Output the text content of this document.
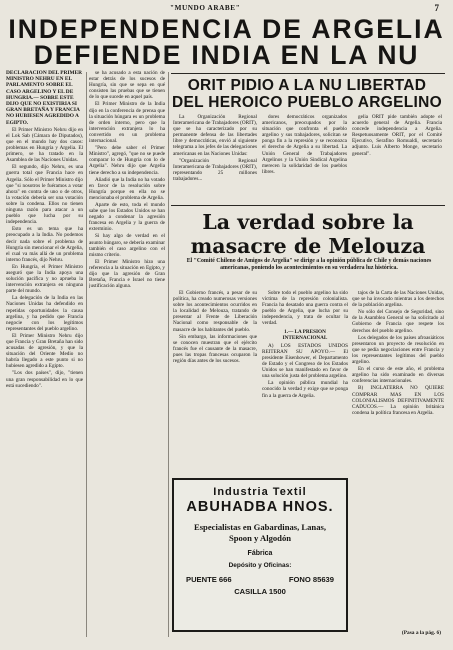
"MUNDO ARABE"	7
INDEPENDENCIA DE ARGELIA
DEFIENDE INDIA EN LA NU

DECLARACION DEL PRIMER MINISTRO NEHRU EN EL PARLAMENTO SOBRE EL CASO ARGELINO Y EL DE HUNGRIA.— SOBRE ESTE DIJO QUE NO EXISTIRIA SI GRAN BRETAÑA Y FRANCIA NO HUBIESEN AGREDIDO A EGIPTO.

El Primer Ministro Nehru dijo en el Lok Sab (Cámara de Diputados), que en el mundo hay dos casos: problemas en Hungría y Argelia. El primero, se ha tratado en la Asamblea de las Naciones Unidas.

El segundo, dijo Nehru, es una guerra total que Francia hace en Argelia. Sólo el Primer Ministro dijo que "si nosotros le fuéramos a votar ahora" en contra de uno o de otros, la votación debería ser una votación sobre la condena. Ellos no tienen ninguna razón para atacar a un pueblo que lucha por su independencia.

Esto es un tema que ha preocupado a la India. No podemos decir nada sobre el problema de Hungría sin mencionar el de Argelia, el cual va más allá de un problema interno francés, dijo Nehru.

En Hungría, el Primer Ministro aseguró que la India apoya una solución pacífica y no aprueba la intervención extranjera en ninguna parte del mundo.

La delegación de la India en las Naciones Unidas ha defendido en repetidas oportunidades la causa argelina, y ha pedido que Francia negocie con los legítimos representantes del pueblo argelino.

El Primer Ministro Nehru dijo que Francia y Gran Bretaña han sido acusadas de agresión, y que la situación del Oriente Medio no habría llegado a este punto si no hubiesen agredido a Egipto.

"Los dos países", dijo, "tienen una gran responsabilidad en lo que está sucediendo".

se ha acusado a esta nación de estar detrás de los sucesos de Hungría, sin que se sepa en qué consisten las pruebas que se tienen de lo que sucede en aquel país.

El Primer Ministro de la India dijo en la conferencia de prensa que la situación húngara es un problema de orden interno, pero que la intervención extranjera lo ha convertido en un problema internacional.

"Pero debe saber el Primer Ministro", agregó, "que no se puede comparar lo de Hungría con lo de Argelia". Nehru dijo que Argelia tiene derecho a su independencia.

Añadió que la India no ha votado en favor de la resolución sobre Hungría porque en ella no se mencionaba el problema de Argelia.

Aparte de esto, toda el mundo sabe que los Estados Unidos se han negado a condenar la agresión francesa en Argelia y la guerra de exterminio.

Si hay algo de verdad en el asunto húngaro, se debería examinar también el caso argelino con el mismo criterio.

El Primer Ministro hizo una referencia a la situación en Egipto, y dijo que la agresión de Gran Bretaña, Francia e Israel no tiene justificación alguna.

ORIT PIDIO A LA NU LIBERTAD
DEL HEROICO PUEBLO ARGELINO

La Organización Regional Interamericana de Trabajadores (ORIT), que se ha caracterizado por su permanente defensa de las libertades libre y democráticas, envió al siguiente telegrama a los jefes de las delegaciones americanas en las Naciones Unidas:

"Organización Regional Interamericana de Trabajadores (ORIT), representando 25 millones trabajadores...

dores democráticos organizados americanos, preocupados por la situación que confronta el pueblo argelino y sus trabajadores, solicitan se ponga fin a la represión y se reconozca el derecho de Argelia a su libertad. La Unión General de Trabajadores Argelinos y la Unión Sindical Argelina merecen la solidaridad de los pueblos libres.

gelia ORIT pide también adopte el acuerdo general de Argelia. Francia concede independencia a Argelia. Respetuosamente ORIT, por el Comité Ejecutivo, Serafino Romualdi, secretario adjunto. Luis Alberto Monge, secretario general".

La verdad sobre la
masacre de Melouza
El "Comité Chileno de Amigos de Argelia" se dirige a la opinión pública de Chile y demás naciones americanas, poniendo los acontecimientos en su verdadera luz histórica.

El Gobierno francés, a pesar de su política, ha creado numerosas versiones sobre los acontecimientos ocurridos en la localidad de Melouza, tratando de presentar al Frente de Liberación Nacional como responsable de la masacre de los habitantes del pueblo.

Sin embargo, las informaciones que se conocen muestran que el ejército francés fue el causante de la masacre, pues las tropas francesas ocuparon la región días antes de los sucesos.

Sobre todo el pueblo argelino ha sido víctima de la represión colonialista. Francia ha desatado una guerra contra el pueblo de Argelia, que lucha por su independencia, y trata de ocultar la verdad.

1.— LA PRESION INTERNACIONAL

A) LOS ESTADOS UNIDOS REITERAN SU APOYO.— El presidente Eisenhower, el Departamento de Estado y el Congreso de los Estados Unidos se han manifestado en favor de una solución justa del problema argelino.

La opinión pública mundial ha conocido la verdad y exige que se ponga fin a la guerra de Argelia.

tajos de la Carta de las Naciones Unidas, que se ha invocado mientras a los derechos de la población argelina.

No sólo del Consejo de Seguridad, sino de la Asamblea General se ha solicitado al Gobierno de Francia que respete los derechos del pueblo argelino.

Los delegados de los países afroasiáticos presentaron un proyecto de resolución en que se pedía negociaciones entre Francia y los representantes legítimos del pueblo argelino.

En el curso de este año, el problema argelino ha sido examinado en diversas conferencias internacionales.

B) INGLATERRA NO QUIERE COMPRAR MAS EN LOS COLONIALISMOS DEFINITIVAMENTE CADUCOS.— La opinión británica condena la política francesa en Argelia.

Industria Textil
ABUHADBA HNOS.
Especialistas en Gabardinas, Lanas,
Spoon y Algodón
Fábrica
Depósito y Oficinas:
PUENTE 666	FONO 85639
CASILLA 1500
(Pasa a la pág. 6)
